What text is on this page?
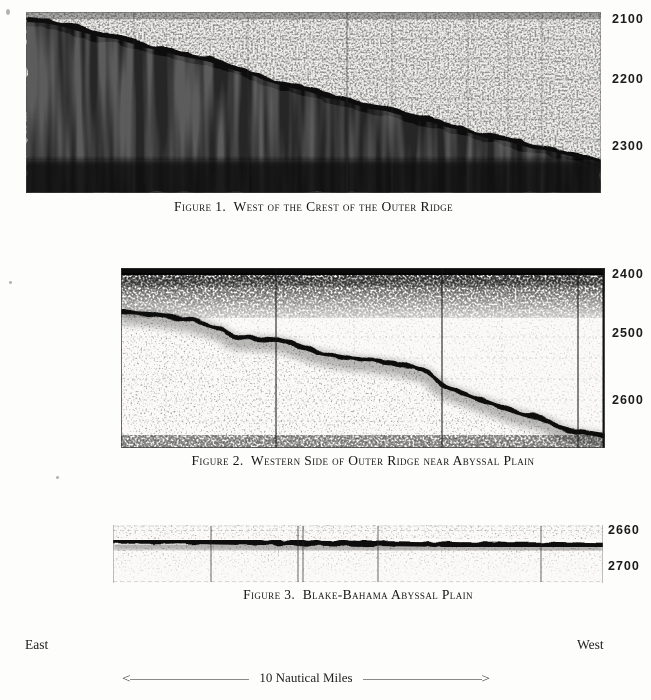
2100
2200
2300
Figure 1.  West of the Crest of the Outer Ridge
2400
2500
2600
Figure 2.  Western Side of Outer Ridge near Abyssal Plain
2660
2700
Figure 3.  Blake-Bahama Abyssal Plain
East	West
<	10 Nautical Miles	>
